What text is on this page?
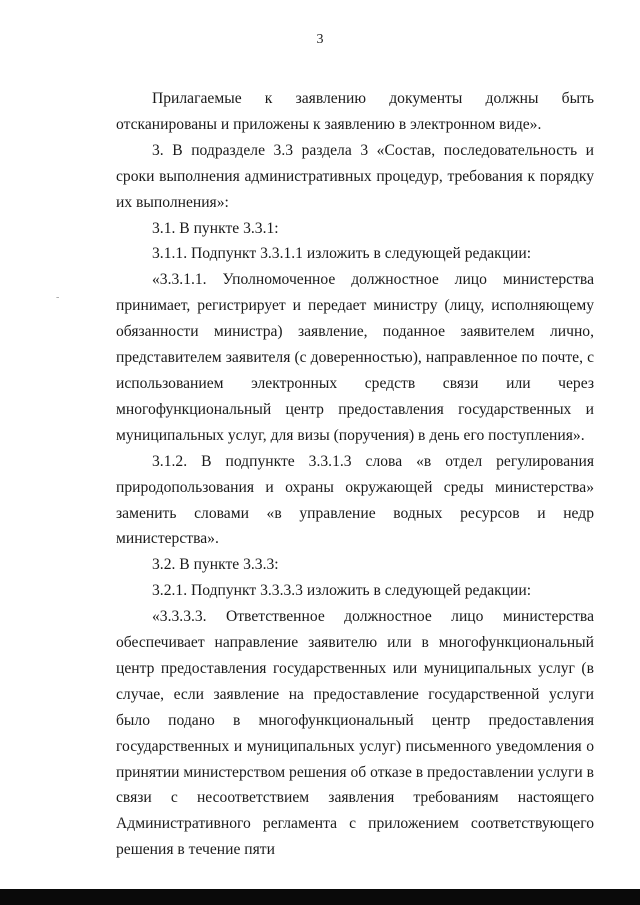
3
-

Прилагаемые к заявлению документы должны быть отсканированы и приложены к заявлению в электронном виде».

3. В подразделе 3.3 раздела 3 «Состав, последовательность и сроки выполнения административных процедур, требования к порядку их выполнения»:

3.1. В пункте 3.3.1:

3.1.1. Подпункт 3.3.1.1 изложить в следующей редакции:

«3.3.1.1. Уполномоченное должностное лицо министерства принимает, регистрирует и передает министру (лицу, исполняющему обязанности министра) заявление, поданное заявителем лично, представителем заявителя (с доверенностью), направленное по почте, с использованием электронных средств связи или через многофункциональный центр предоставления государственных и муниципальных услуг, для визы (поручения) в день его поступления».

3.1.2. В подпункте 3.3.1.3 слова «в отдел регулирования природопользования и охраны окружающей среды министерства» заменить словами «в управление водных ресурсов и недр министерства».

3.2. В пункте 3.3.3:

3.2.1. Подпункт 3.3.3.3 изложить в следующей редакции:

«3.3.3.3. Ответственное должностное лицо министерства обеспечивает направление заявителю или в многофункциональный центр предоставления государственных или муниципальных услуг (в случае, если заявление на предоставление государственной услуги было подано в многофункциональный центр предоставления государственных и муниципальных услуг) письменного уведомления о принятии министерством решения об отказе в предоставлении услуги в связи с несоответствием заявления требованиям настоящего Административного регламента с приложением соответствующего решения в течение пяти
